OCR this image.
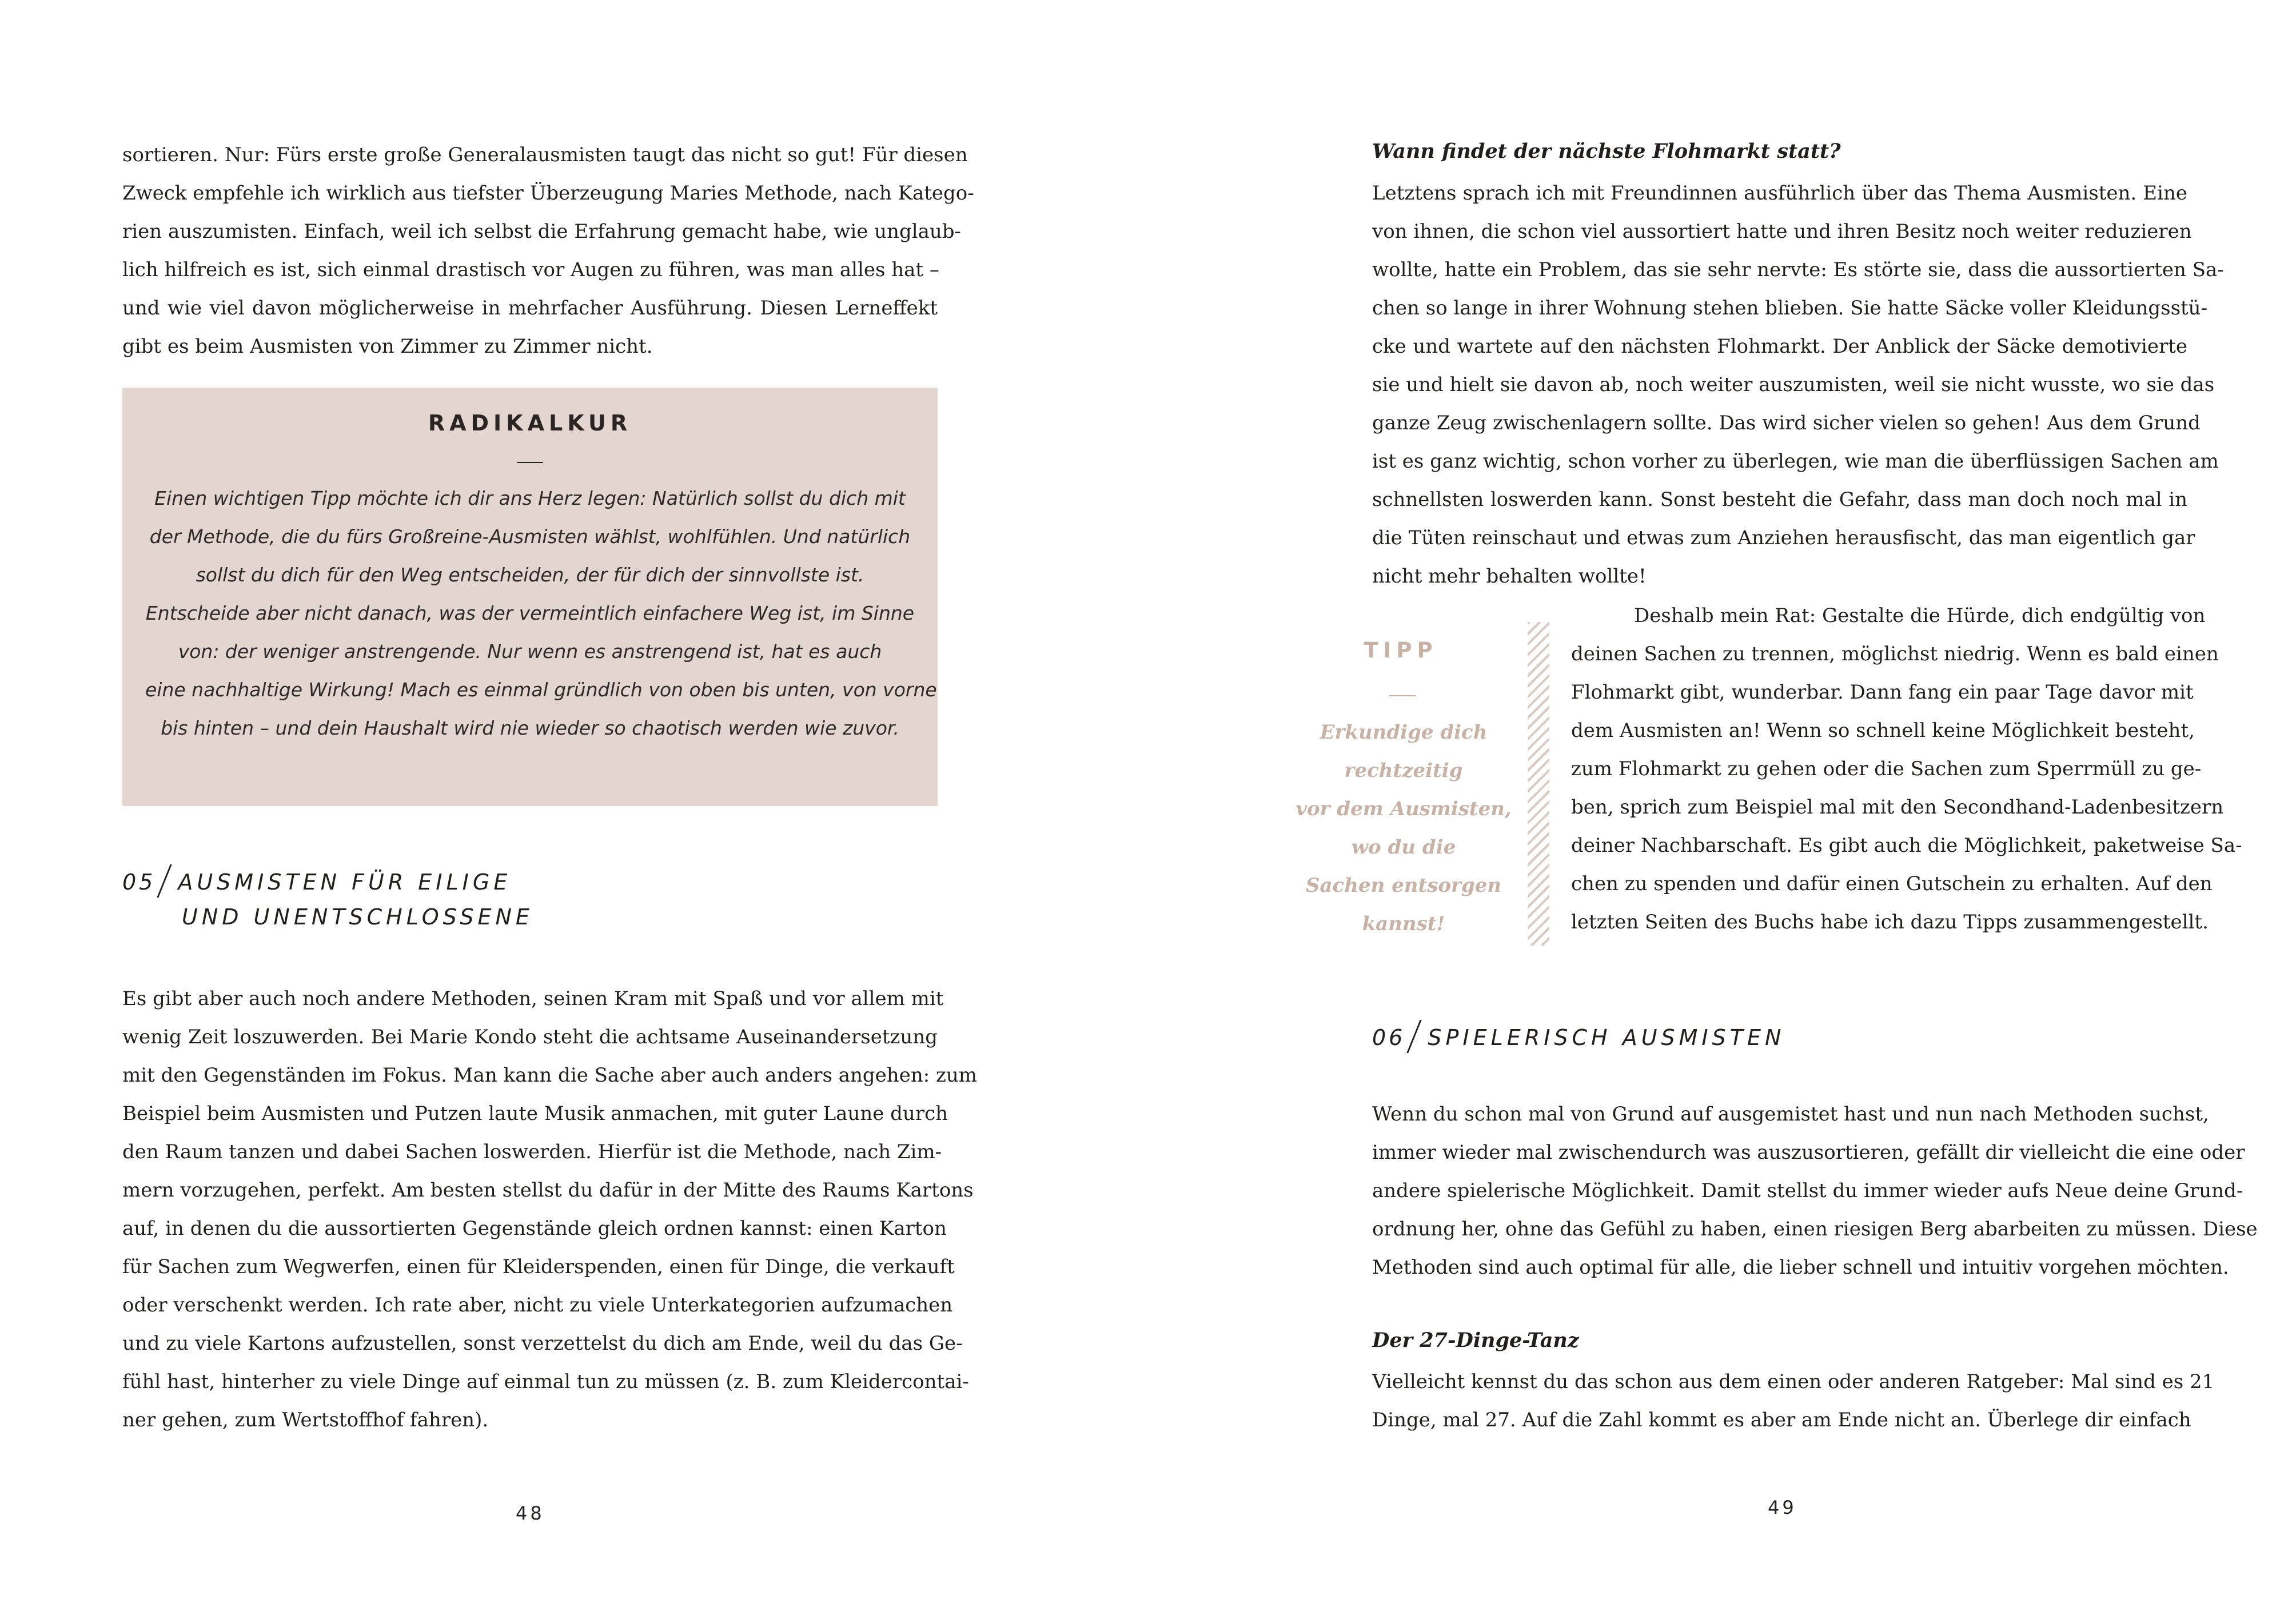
sortieren. Nur: Fürs erste große Generalausmisten taugt das nicht so gut! Für diesen
Zweck empfehle ich wirklich aus tiefster Überzeugung Maries Methode, nach Katego-
rien auszumisten. Einfach, weil ich selbst die Erfahrung gemacht habe, wie unglaub-
lich hilfreich es ist, sich einmal drastisch vor Augen zu führen, was man alles hat –
und wie viel davon möglicherweise in mehrfacher Ausführung. Diesen Lerneffekt
gibt es beim Ausmisten von Zimmer zu Zimmer nicht.
RADIKALKUR
Einen wichtigen Tipp möchte ich dir ans Herz legen: Natürlich sollst du dich mit
der Methode, die du fürs Großreine-Ausmisten wählst, wohlfühlen. Und natürlich
sollst du dich für den Weg entscheiden, der für dich der sinnvollste ist.
Entscheide aber nicht danach, was der vermeintlich einfachere Weg ist, im Sinne
von: der weniger anstrengende. Nur wenn es anstrengend ist, hat es auch
eine nachhaltige Wirkung! Mach es einmal gründlich von oben bis unten, von vorne
bis hinten – und dein Haushalt wird nie wieder so chaotisch werden wie zuvor.
05 AUSMISTEN FÜR EILIGE
UND UNENTSCHLOSSENE
Es gibt aber auch noch andere Methoden, seinen Kram mit Spaß und vor allem mit
wenig Zeit loszuwerden. Bei Marie Kondo steht die achtsame Auseinandersetzung
mit den Gegenständen im Fokus. Man kann die Sache aber auch anders angehen: zum
Beispiel beim Ausmisten und Putzen laute Musik anmachen, mit guter Laune durch
den Raum tanzen und dabei Sachen loswerden. Hierfür ist die Methode, nach Zim-
mern vorzugehen, perfekt. Am besten stellst du dafür in der Mitte des Raums Kartons
auf, in denen du die aussortierten Gegenstände gleich ordnen kannst: einen Karton
für Sachen zum Wegwerfen, einen für Kleiderspenden, einen für Dinge, die verkauft
oder verschenkt werden. Ich rate aber, nicht zu viele Unterkategorien aufzumachen
und zu viele Kartons aufzustellen, sonst verzettelst du dich am Ende, weil du das Ge-
fühl hast, hinterher zu viele Dinge auf einmal tun zu müssen (z. B. zum Kleidercontai-
ner gehen, zum Wertstoffhof fahren).
48
Wann findet der nächste Flohmarkt statt?
Letztens sprach ich mit Freundinnen ausführlich über das Thema Ausmisten. Eine
von ihnen, die schon viel aussortiert hatte und ihren Besitz noch weiter reduzieren
wollte, hatte ein Problem, das sie sehr nervte: Es störte sie, dass die aussortierten Sa-
chen so lange in ihrer Wohnung stehen blieben. Sie hatte Säcke voller Kleidungsstü-
cke und wartete auf den nächsten Flohmarkt. Der Anblick der Säcke demotivierte
sie und hielt sie davon ab, noch weiter auszumisten, weil sie nicht wusste, wo sie das
ganze Zeug zwischenlagern sollte. Das wird sicher vielen so gehen! Aus dem Grund
ist es ganz wichtig, schon vorher zu überlegen, wie man die überflüssigen Sachen am
schnellsten loswerden kann. Sonst besteht die Gefahr, dass man doch noch mal in
die Tüten reinschaut und etwas zum Anziehen herausfischt, das man eigentlich gar
nicht mehr behalten wollte!
TIPP
Erkundige dich
rechtzeitig
vor dem Ausmisten,
wo du die
Sachen entsorgen
kannst!
Deshalb mein Rat: Gestalte die Hürde, dich endgültig von
deinen Sachen zu trennen, möglichst niedrig. Wenn es bald einen
Flohmarkt gibt, wunderbar. Dann fang ein paar Tage davor mit
dem Ausmisten an! Wenn so schnell keine Möglichkeit besteht,
zum Flohmarkt zu gehen oder die Sachen zum Sperrmüll zu ge-
ben, sprich zum Beispiel mal mit den Secondhand-Ladenbesitzern
deiner Nachbarschaft. Es gibt auch die Möglichkeit, paketweise Sa-
chen zu spenden und dafür einen Gutschein zu erhalten. Auf den
letzten Seiten des Buchs habe ich dazu Tipps zusammengestellt.
06 SPIELERISCH AUSMISTEN
Wenn du schon mal von Grund auf ausgemistet hast und nun nach Methoden suchst,
immer wieder mal zwischendurch was auszusortieren, gefällt dir vielleicht die eine oder
andere spielerische Möglichkeit. Damit stellst du immer wieder aufs Neue deine Grund-
ordnung her, ohne das Gefühl zu haben, einen riesigen Berg abarbeiten zu müssen. Diese
Methoden sind auch optimal für alle, die lieber schnell und intuitiv vorgehen möchten.
Der 27-Dinge-Tanz
Vielleicht kennst du das schon aus dem einen oder anderen Ratgeber: Mal sind es 21
Dinge, mal 27. Auf die Zahl kommt es aber am Ende nicht an. Überlege dir einfach
49
